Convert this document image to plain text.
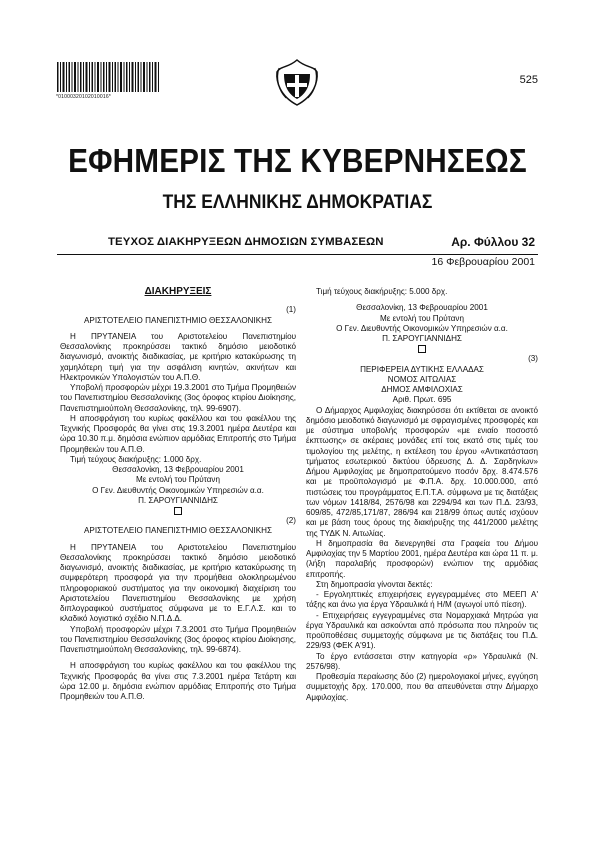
*01000320102010016*
525
ΕΦΗΜΕΡΙΣ ΤΗΣ ΚΥΒΕΡΝΗΣΕΩΣ
ΤΗΣ ΕΛΛΗΝΙΚΗΣ ΔΗΜΟΚΡΑΤΙΑΣ
ΤΕΥΧΟΣ ΔΙΑΚΗΡΥΞΕΩΝ ΔΗΜΟΣΙΩΝ ΣΥΜΒΑΣΕΩΝ	Αρ. Φύλλου 32
16 Φεβρουαρίου 2001

ΔΙΑΚΗΡΥΞΕΙΣ

(1)

ΑΡΙΣΤΟΤΕΛΕΙΟ ΠΑΝΕΠΙΣΤΗΜΙΟ ΘΕΣΣΑΛΟΝΙΚΗΣ

Η ΠΡΥΤΑΝΕΙΑ του Αριστοτελείου Πανεπιστημίου Θεσσαλονίκης προκηρύσσει τακτικό δημόσιο μειοδοτικό διαγωνισμό, ανοικτής διαδικασίας, με κριτήριο κατακύρωσης τη χαμηλότερη τιμή για την ασφάλιση κινητών, ακινήτων και Ηλεκτρονικών Υπολογιστών του Α.Π.Θ.

Υποβολή προσφορών μέχρι 19.3.2001 στο Τμήμα Προμηθειών του Πανεπιστημίου Θεσσαλονίκης (3ος όροφος κτιρίου Διοίκησης, Πανεπιστημιούπολη Θεσσαλονίκης, τηλ. 99-6907).

Η αποσφράγιση του κυρίως φακέλλου και του φακέλλου της Τεχνικής Προσφοράς θα γίνει στις 19.3.2001 ημέρα Δευτέρα και ώρα 10.30 π.μ. δημόσια ενώπιον αρμόδιας Επιτροπής στο Τμήμα Προμηθειών του Α.Π.Θ.

Τιμή τεύχους διακήρυξης: 1.000 δρχ.

Θεσσαλονίκη, 13 Φεβρουαρίου 2001

Με εντολή του Πρύτανη

Ο Γεν. Διευθυντής Οικονομικών Υπηρεσιών α.α.

Π. ΣΑΡΟΥΓΙΑΝΝΙΔΗΣ

(2)

ΑΡΙΣΤΟΤΕΛΕΙΟ ΠΑΝΕΠΙΣΤΗΜΙΟ ΘΕΣΣΑΛΟΝΙΚΗΣ

Η ΠΡΥΤΑΝΕΙΑ του Αριστοτελείου Πανεπιστημίου Θεσσαλονίκης προκηρύσσει τακτικό δημόσιο μειοδοτικό διαγωνισμό, ανοικτής διαδικασίας, με κριτήριο κατακύρωσης τη συμφερότερη προσφορά για την προμήθεια ολοκληρωμένου πληροφοριακού συστήματος για την οικονομική διαχείριση του Αριστοτελείου Πανεπιστημίου Θεσσαλονίκης με χρήση διπλογραφικού συστήματος σύμφωνα με το Ε.Γ.Λ.Σ. και το κλαδικό λογιστικό σχέδιο Ν.Π.Δ.Δ.

Υποβολή προσφορών μέχρι 7.3.2001 στο Τμήμα Προμηθειών του Πανεπιστημίου Θεσσαλονίκης (3ος όροφος κτιρίου Διοίκησης, Πανεπιστημιούπολη Θεσσαλονίκης, τηλ. 99-6874).

Η αποσφράγιση του κυρίως φακέλλου και του φακέλλου της Τεχνικής Προσφοράς θα γίνει στις 7.3.2001 ημέρα Τετάρτη και ώρα 12.00 μ. δημόσια ενώπιον αρμόδιας Επιτροπής στο Τμήμα Προμηθειών του Α.Π.Θ.

Τιμή τεύχους διακήρυξης: 5.000 δρχ.

Θεσσαλονίκη, 13 Φεβρουαρίου 2001

Με εντολή του Πρύτανη

Ο Γεν. Διευθυντής Οικονομικών Υπηρεσιών α.α.

Π. ΣΑΡΟΥΓΙΑΝΝΙΔΗΣ

(3)

ΠΕΡΙΦΕΡΕΙΑ ΔΥΤΙΚΗΣ ΕΛΛΑΔΑΣ

ΝΟΜΟΣ ΑΙΤΩΛΙΑΣ

ΔΗΜΟΣ ΑΜΦΙΛΟΧΙΑΣ

Αριθ. Πρωτ. 695

Ο Δήμαρχος Αμφιλοχίας διακηρύσσει ότι εκτίθεται σε ανοικτό δημόσιο μειοδοτικό διαγωνισμό με σφραγισμένες προσφορές και με σύστημα υποβολής προσφορών «με ενιαίο ποσοστό έκπτωσης» σε ακέραιες μονάδες επί τοις εκατό στις τιμές του τιμολογίου της μελέτης, η εκτέλεση του έργου «Αντικατάσταση τμήματος εσωτερικού δικτύου ύδρευσης Δ. Δ. Σαρδηνίων» Δήμου Αμφιλοχίας με δημοπρατούμενο ποσόν δρχ. 8.474.576 και με προϋπολογισμό με Φ.Π.Α. δρχ. 10.000.000, από πιστώσεις του προγράμματος Ε.Π.Τ.Α. σύμφωνα με τις διατάξεις των νόμων 1418/84, 2576/98 και 2294/94 και των Π.Δ. 23/93, 609/85, 472/85,171/87, 286/94 και 218/99 όπως αυτές ισχύουν και με βάση τους όρους της διακήρυξης της 441/2000 μελέτης της ΤΥΔΚ Ν. Αιτωλίας.

Η δημοπρασία θα διενεργηθεί στα Γραφεία του Δήμου Αμφιλοχίας την 5 Μαρτίου 2001, ημέρα Δευτέρα και ώρα 11 π. μ. (λήξη παραλαβής προσφορών) ενώπιον της αρμόδιας επιτροπής.

Στη δημοπρασία γίνονται δεκτές:

- Εργοληπτικές επιχειρήσεις εγγεγραμμένες στο ΜΕΕΠ Α' τάξης και άνω για έργα Υδραυλικά ή Η/Μ (αγωγοί υπό πίεση).

- Επιχειρήσεις εγγεγραμμένες στα Νομαρχιακά Μητρώα για έργα Υδραυλικά και ασκούνται από πρόσωπα που πληρούν τις προϋποθέσεις συμμετοχής σύμφωνα με τις διατάξεις του Π.Δ. 229/93 (ΦΕΚ Α'91).

Το έργο εντάσσεται στην κατηγορία «ρ» Υδραυλικά (Ν. 2576/98).

Προθεσμία περαίωσης δύο (2) ημερολογιακοί μήνες, εγγύηση συμμετοχής δρχ. 170.000, που θα απευθύνεται στην Δήμαρχο Αμφιλοχίας.
